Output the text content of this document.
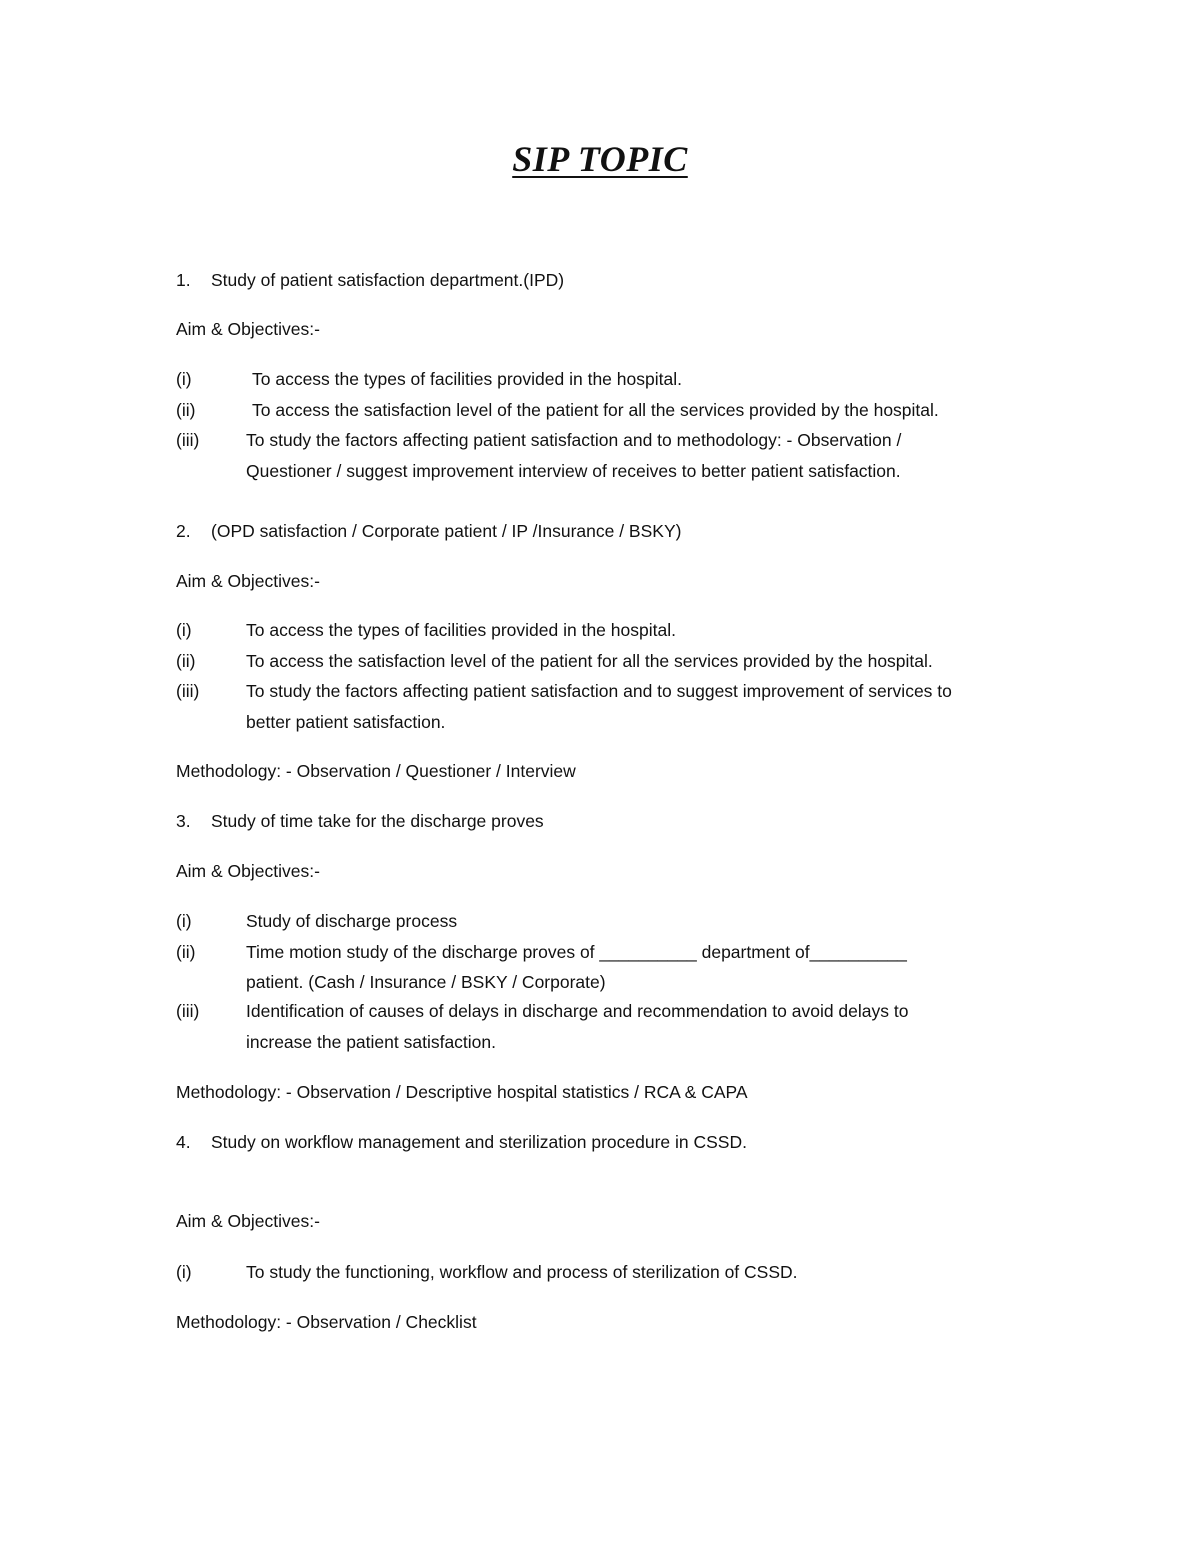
SIP TOPIC
1. Study of patient satisfaction department.(IPD)
Aim & Objectives:-
(i)	To access the types of facilities provided in the hospital.
(ii)	To access the satisfaction level of the patient for all the services provided by the hospital.
(iii)	To study the factors affecting patient satisfaction and to methodology: - Observation /
Questioner / suggest improvement interview of receives to better patient satisfaction.
2. (OPD satisfaction / Corporate patient / IP /Insurance / BSKY)
Aim & Objectives:-
(i)	To access the types of facilities provided in the hospital.
(ii)	To access the satisfaction level of the patient for all the services provided by the hospital.
(iii)	To study the factors affecting patient satisfaction and to suggest improvement of services to
better patient satisfaction.
Methodology: - Observation / Questioner / Interview
3. Study of time take for the discharge proves
Aim & Objectives:-
(i)	Study of discharge process
(ii)	Time motion study of the discharge proves of __________ department of__________
patient. (Cash / Insurance / BSKY / Corporate)
(iii)	Identification of causes of delays in discharge and recommendation to avoid delays to
increase the patient satisfaction.
Methodology: - Observation / Descriptive hospital statistics / RCA & CAPA
4. Study on workflow management and sterilization procedure in CSSD.
Aim & Objectives:-
(i)	To study the functioning, workflow and process of sterilization of CSSD.
Methodology: - Observation / Checklist
